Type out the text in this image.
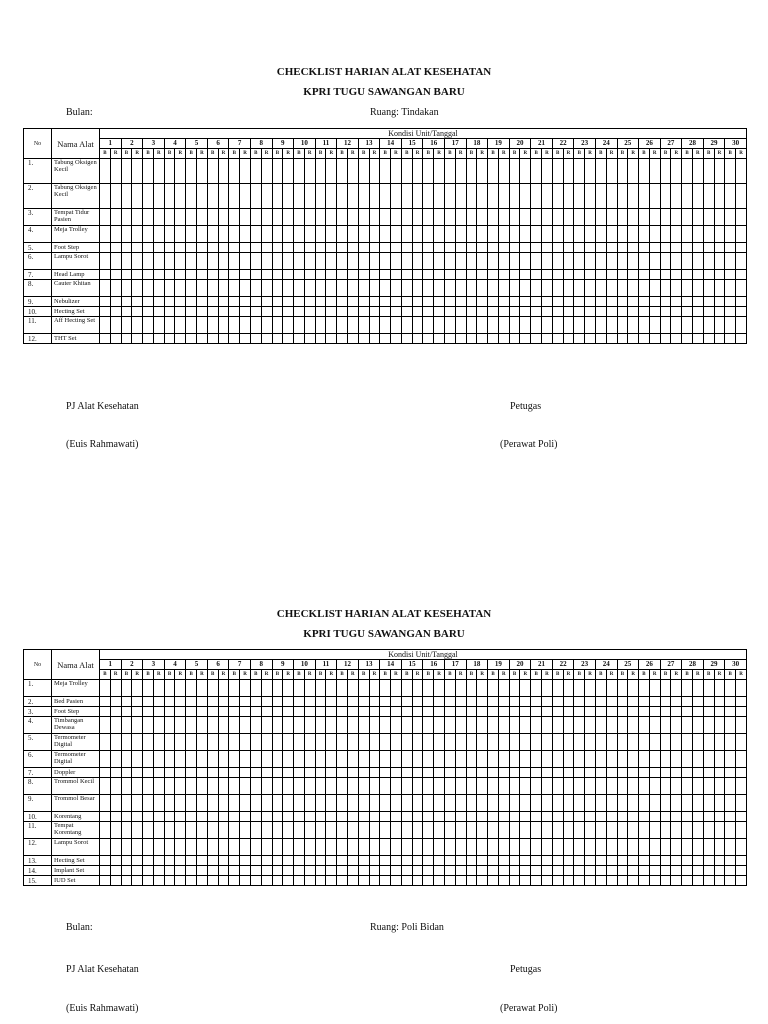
CHECKLIST HARIAN ALAT KESEHATAN
KPRI TUGU SAWANGAN BARU
Bulan:	Ruang: Tindakan
No	Nama Alat	Kondisi Unit/Tanggal																																																											
		1		2		3		4		5		6		7		8		9		10		11		12		13		14		15		16		17		18		19		20		21		22		23		24		25		26		27		28		29		30	
		B	R	B	R	B	R	B	R	B	R	B	R	B	R	B	R	B	R	B	R	B	R	B	R	B	R	B	R	B	R	B	R	B	R	B	R	B	R	B	R	B	R	B	R	B	R	B	R	B	R	B	R	B	R	B	R	B	R	B	R
1.	Tabung Oksigen Kecil																																																												
2.	Tabung Oksigen Kecil																																																												
3.	Tempat Tidur Pasien																																																												
4.	Meja Trolley																																																												
5.	Foot Step																																																												
6.	Lampu Sorot																																																												
7.	Head Lamp																																																												
8.	Cauter Khitan																																																												
9.	Nebulizer																																																												
10.	Hecting Set																																																												
11.	Aff Hecting Set																																																												
12.	THT Set																																																												
PJ Alat Kesehatan	Petugas
(Euis Rahmawati)	(Perawat Poli)
CHECKLIST HARIAN ALAT KESEHATAN
KPRI TUGU SAWANGAN BARU
No	Nama Alat	Kondisi Unit/Tanggal																																																											
		1		2		3		4		5		6		7		8		9		10		11		12		13		14		15		16		17		18		19		20		21		22		23		24		25		26		27		28		29		30	
		B	R	B	R	B	R	B	R	B	R	B	R	B	R	B	R	B	R	B	R	B	R	B	R	B	R	B	R	B	R	B	R	B	R	B	R	B	R	B	R	B	R	B	R	B	R	B	R	B	R	B	R	B	R	B	R	B	R	B	R
1.	Meja Trolley																																																												
2.	Bed Pasien																																																												
3.	Foot Step																																																												
4.	Timbangan Dewasa																																																												
5.	Termometer Digital																																																												
6.	Termometer Digital																																																												
7.	Doppler																																																												
8.	Trommol Kecil																																																												
9.	Trommol Besar																																																												
10.	Korentang																																																												
11.	Tempat Korentang																																																												
12.	Lampu Sorot																																																												
13.	Hecting Set																																																												
14.	Implant Set																																																												
15.	IUD Set																																																												
Bulan:	Ruang: Poli Bidan
PJ Alat Kesehatan	Petugas
(Euis Rahmawati)	(Perawat Poli)
